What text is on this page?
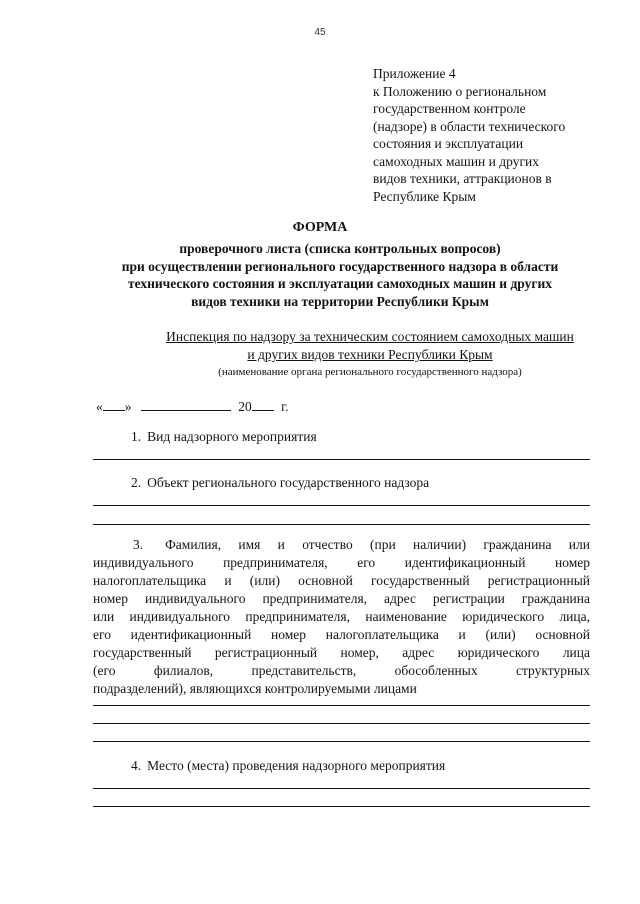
45
Приложение 4
к Положению о региональном
государственном контроле
(надзоре) в области технического
состояния и эксплуатации
самоходных машин и других
видов техники, аттракционов в
Республике Крым
ФОРМА
проверочного листа (списка контрольных вопросов)
при осуществлении регионального государственного надзора в области
технического состояния и эксплуатации самоходных машин и других
видов техники на территории Республики Крым
Инспекция по надзору за техническим состоянием самоходных машин
и других видов техники Республики Крым
(наименование органа регионального государственного надзора)
« »	20 г.
1. Вид надзорного мероприятия
2. Объект регионального государственного надзора
3. Фамилия, имя и отчество (при наличии) гражданина или
индивидуального предпринимателя, его идентификационный номер
налогоплательщика и (или) основной государственный регистрационный
номер индивидуального предпринимателя, адрес регистрации гражданина
или индивидуального предпринимателя, наименование юридического лица,
его идентификационный номер налогоплательщика и (или) основной
государственный регистрационный номер, адрес юридического лица
(его филиалов, представительств, обособленных структурных
подразделений), являющихся контролируемыми лицами
4. Место (места) проведения надзорного мероприятия
